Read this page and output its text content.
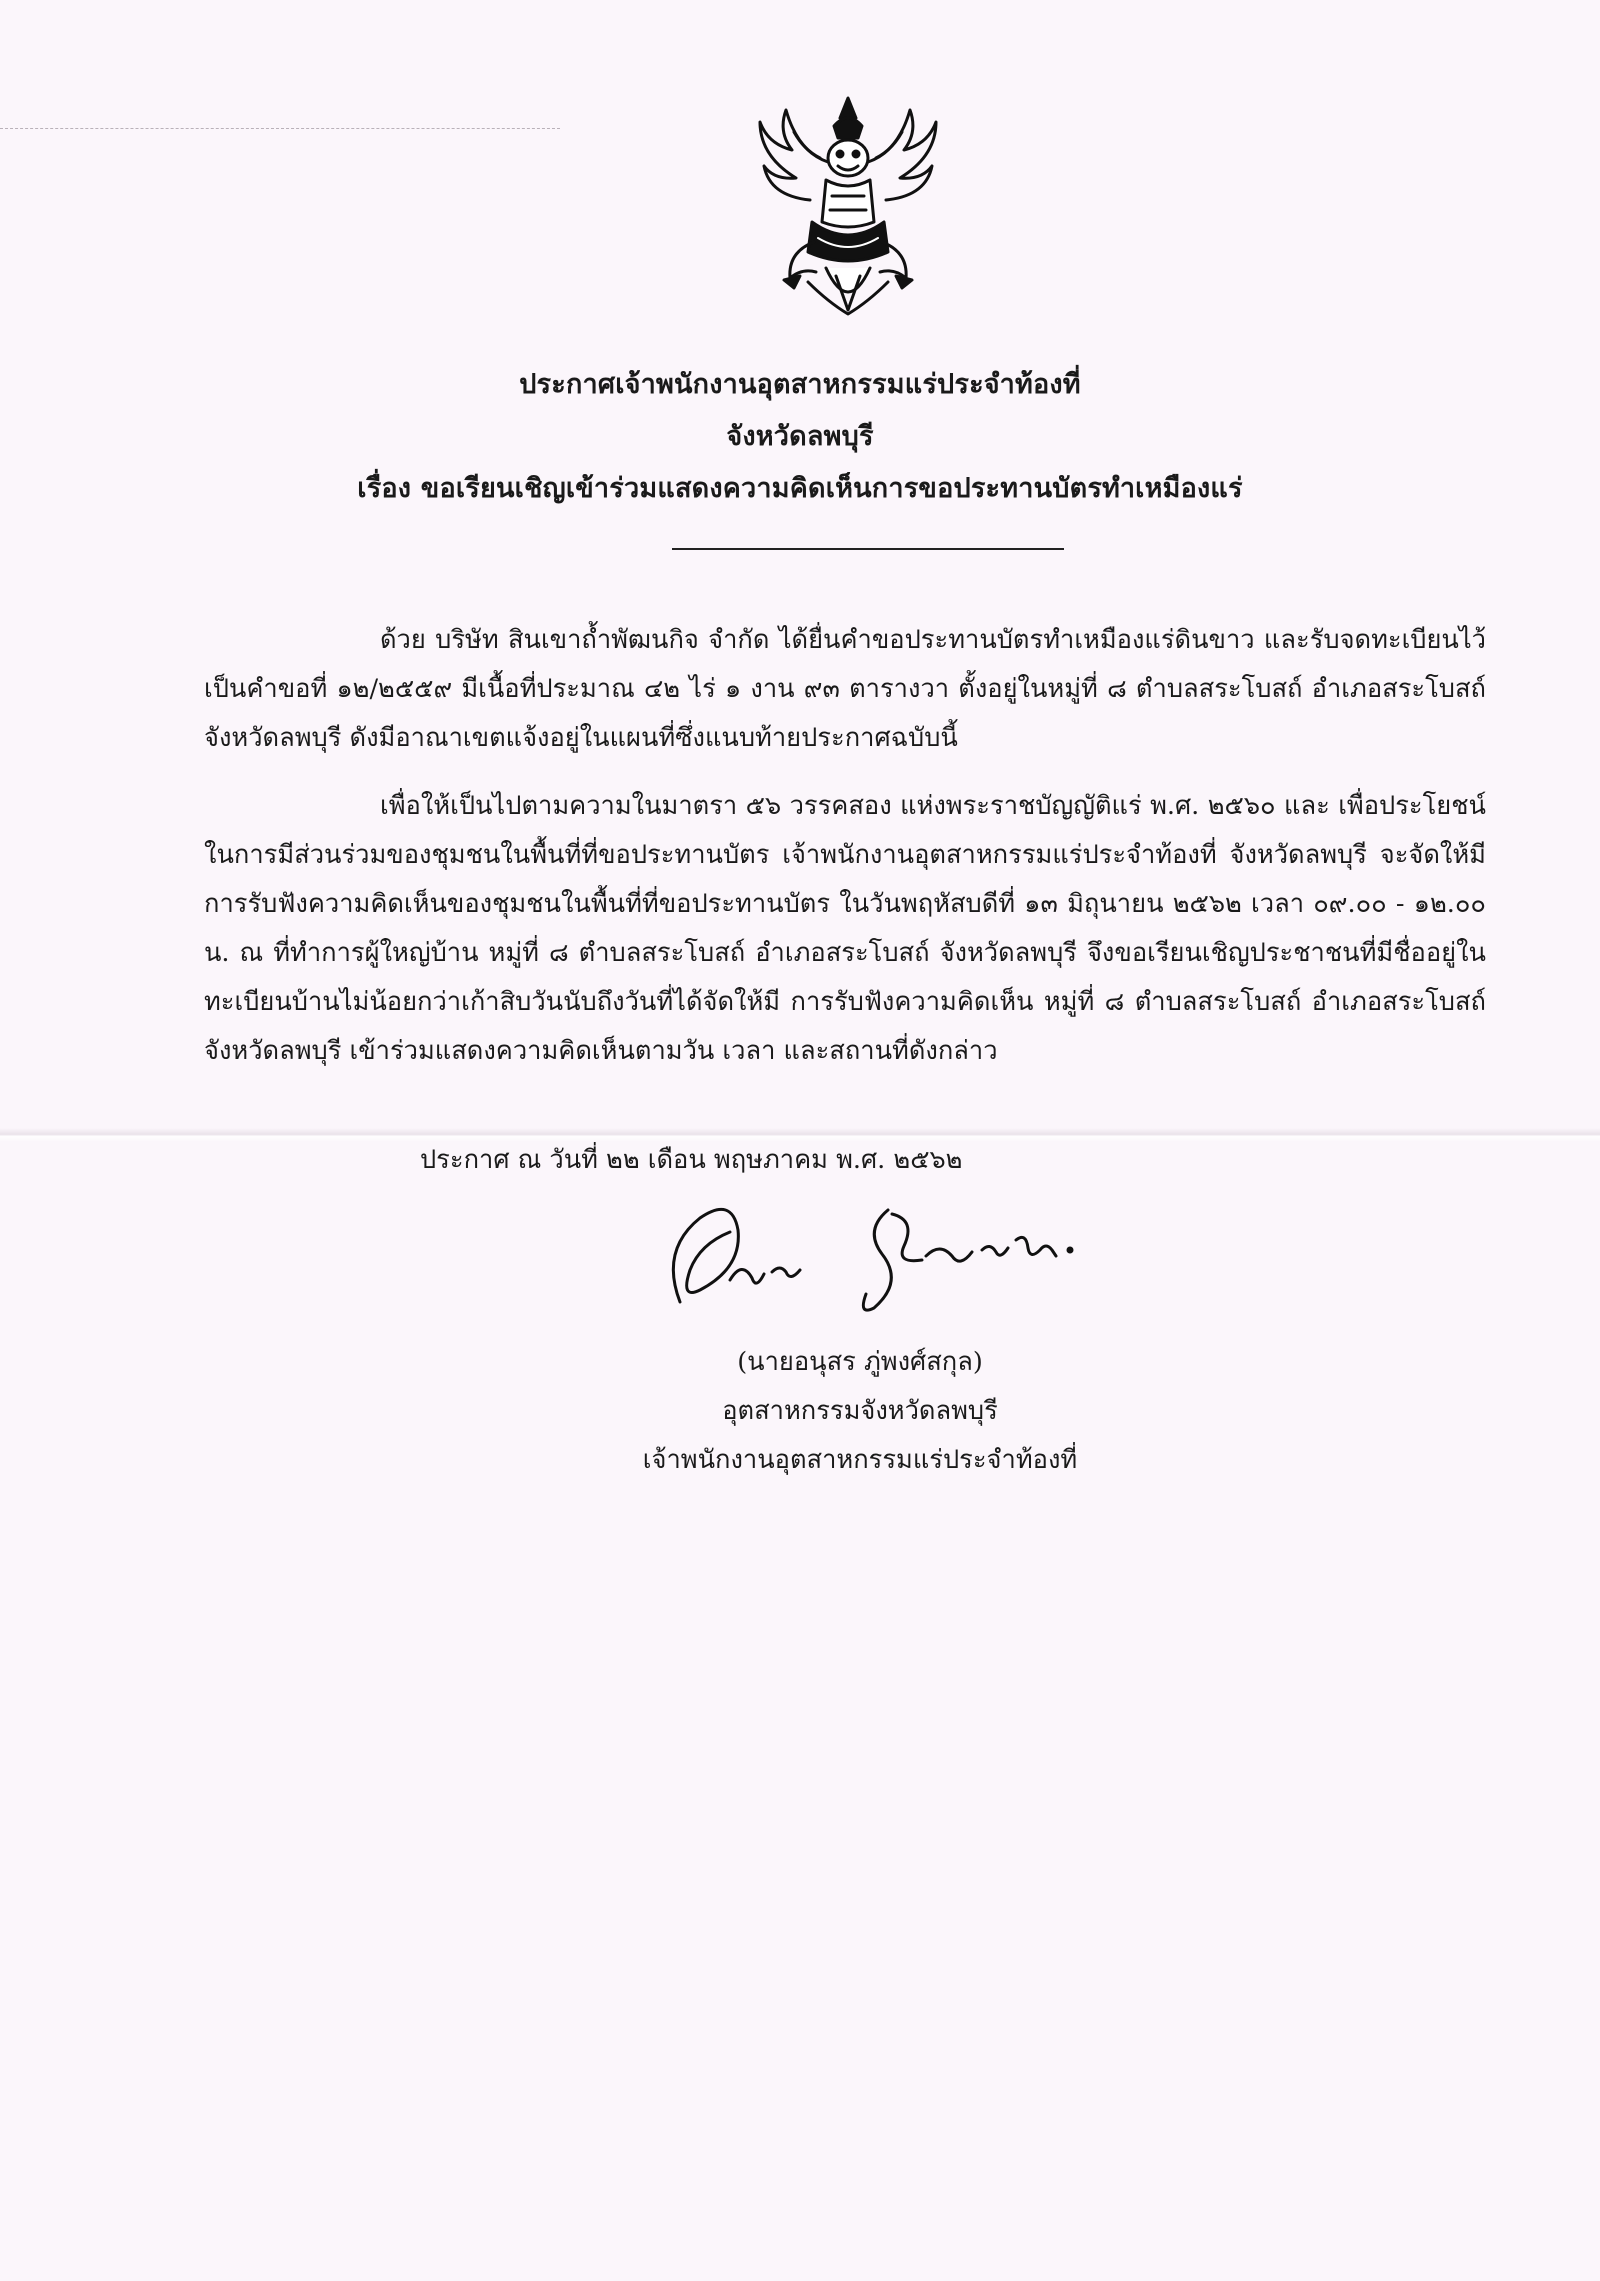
ประกาศเจ้าพนักงานอุตสาหกรรมแร่ประจำท้องที่
จังหวัดลพบุรี
เรื่อง ขอเรียนเชิญเข้าร่วมแสดงความคิดเห็นการขอประทานบัตรทำเหมืองแร่
ด้วย บริษัท สินเขาถ้ำพัฒนกิจ จำกัด ได้ยื่นคำขอประทานบัตรทำเหมืองแร่ดินขาว และรับจดทะเบียนไว้เป็นคำขอที่ ๑๒/๒๕๕๙ มีเนื้อที่ประมาณ ๔๒ ไร่ ๑ งาน ๙๓ ตารางวา ตั้งอยู่ในหมู่ที่ ๘ ตำบลสระโบสถ์ อำเภอสระโบสถ์ จังหวัดลพบุรี ดังมีอาณาเขตแจ้งอยู่ในแผนที่ซึ่งแนบท้ายประกาศฉบับนี้
เพื่อให้เป็นไปตามความในมาตรา ๕๖ วรรคสอง แห่งพระราชบัญญัติแร่ พ.ศ. ๒๕๖๐ และ เพื่อประโยชน์ในการมีส่วนร่วมของชุมชนในพื้นที่ที่ขอประทานบัตร เจ้าพนักงานอุตสาหกรรมแร่ประจำท้องที่ จังหวัดลพบุรี จะจัดให้มีการรับฟังความคิดเห็นของชุมชนในพื้นที่ที่ขอประทานบัตร ในวันพฤหัสบดีที่ ๑๓ มิถุนายน ๒๕๖๒ เวลา ๐๙.๐๐ - ๑๒.๐๐ น. ณ ที่ทำการผู้ใหญ่บ้าน หมู่ที่ ๘ ตำบลสระโบสถ์ อำเภอสระโบสถ์ จังหวัดลพบุรี จึงขอเรียนเชิญประชาชนที่มีชื่ออยู่ในทะเบียนบ้านไม่น้อยกว่าเก้าสิบวันนับถึงวันที่ได้จัดให้มี การรับฟังความคิดเห็น หมู่ที่ ๘ ตำบลสระโบสถ์ อำเภอสระโบสถ์ จังหวัดลพบุรี เข้าร่วมแสดงความคิดเห็นตามวัน เวลา และสถานที่ดังกล่าว
ประกาศ ณ วันที่ ๒๒ เดือน พฤษภาคม พ.ศ. ๒๕๖๒
(นายอนุสร ภู่พงศ์สกุล)
อุตสาหกรรมจังหวัดลพบุรี
เจ้าพนักงานอุตสาหกรรมแร่ประจำท้องที่
